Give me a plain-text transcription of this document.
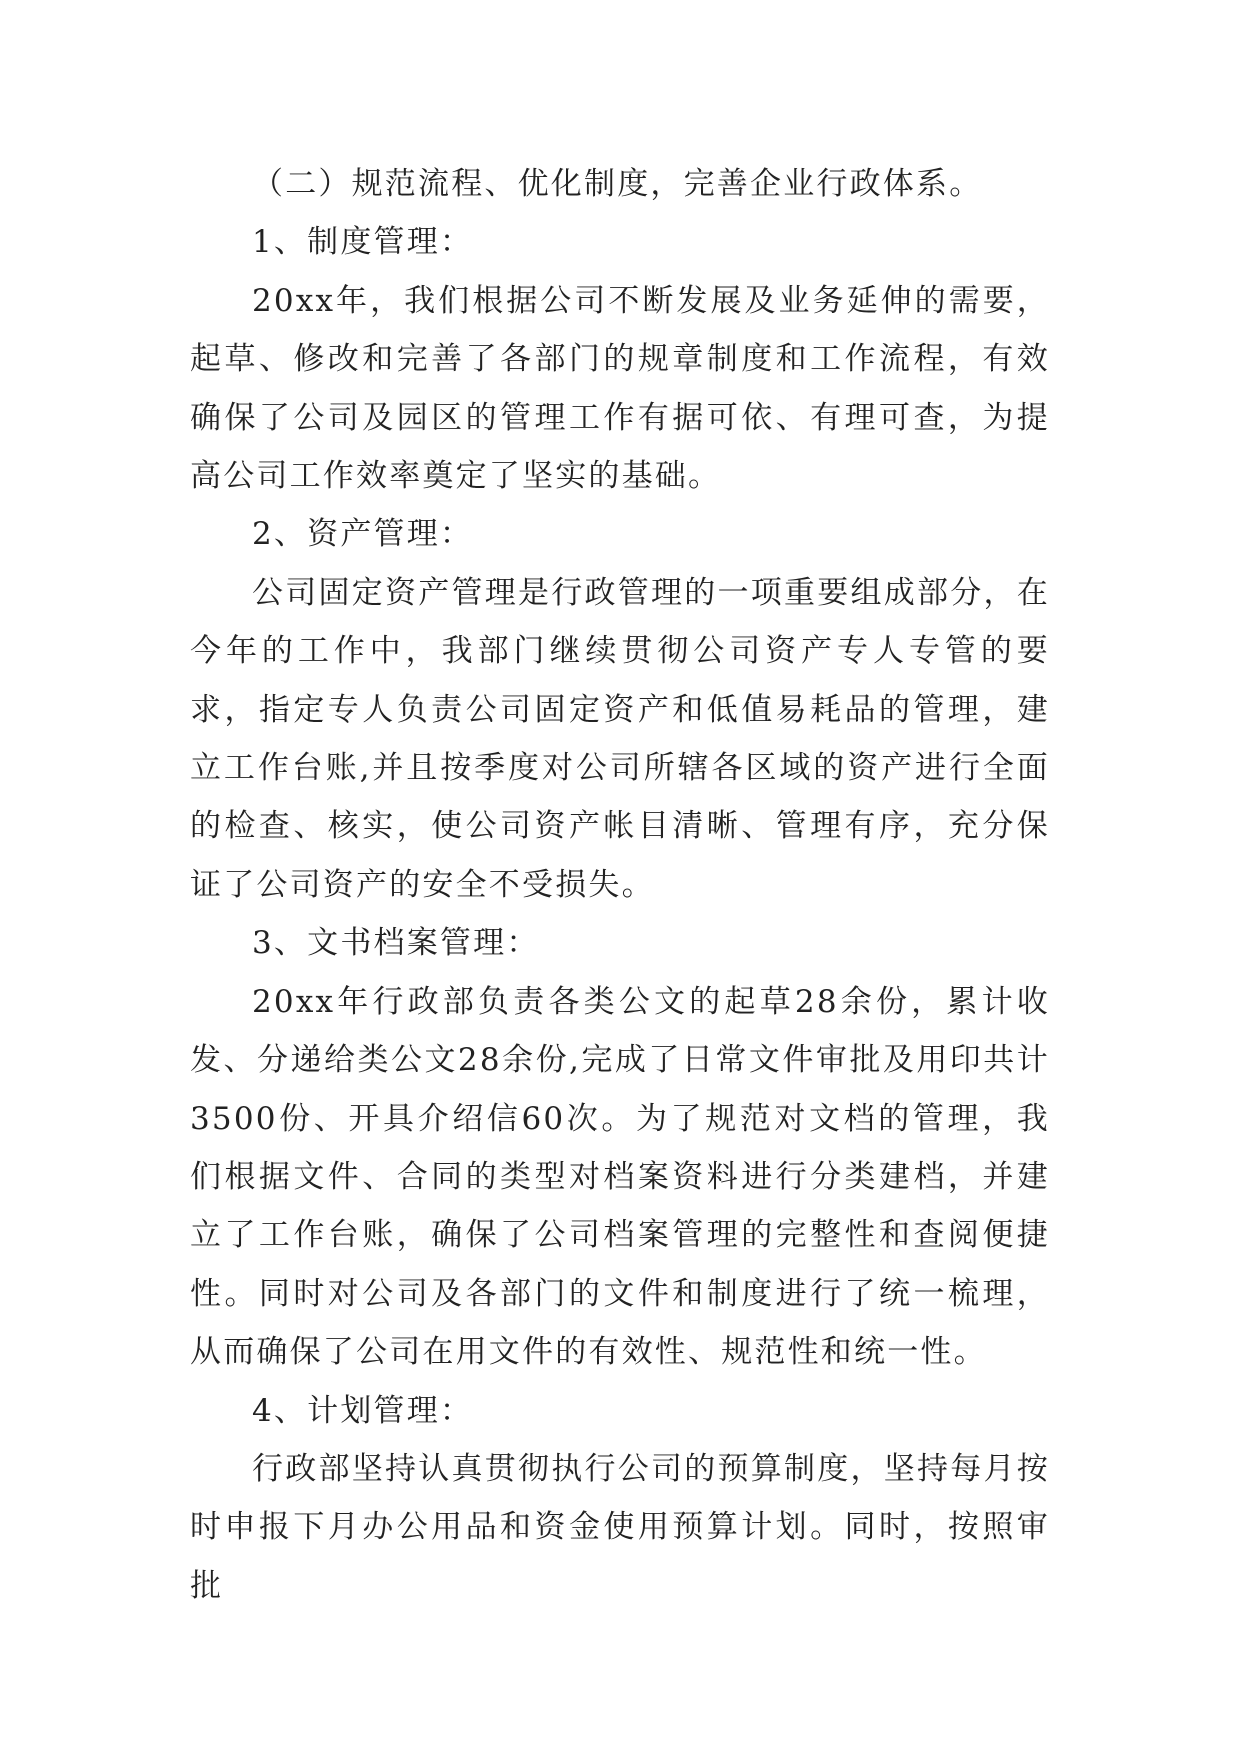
（二）规范流程、优化制度，完善企业行政体系。

1、制度管理：

20xx年，我们根据公司不断发展及业务延伸的需要，起草、修改和完善了各部门的规章制度和工作流程，有效确保了公司及园区的管理工作有据可依、有理可查，为提高公司工作效率奠定了坚实的基础。

2、资产管理：

公司固定资产管理是行政管理的一项重要组成部分，在今年的工作中，我部门继续贯彻公司资产专人专管的要求，指定专人负责公司固定资产和低值易耗品的管理，建立工作台账,并且按季度对公司所辖各区域的资产进行全面的检查、核实，使公司资产帐目清晰、管理有序，充分保证了公司资产的安全不受损失。

3、文书档案管理：

20xx年行政部负责各类公文的起草28余份，累计收发、分递给类公文28余份,完成了日常文件审批及用印共计3500份、开具介绍信60次。为了规范对文档的管理，我们根据文件、合同的类型对档案资料进行分类建档，并建立了工作台账，确保了公司档案管理的完整性和查阅便捷性。同时对公司及各部门的文件和制度进行了统一梳理，从而确保了公司在用文件的有效性、规范性和统一性。

4、计划管理：

行政部坚持认真贯彻执行公司的预算制度，坚持每月按时申报下月办公用品和资金使用预算计划。同时，按照审批
